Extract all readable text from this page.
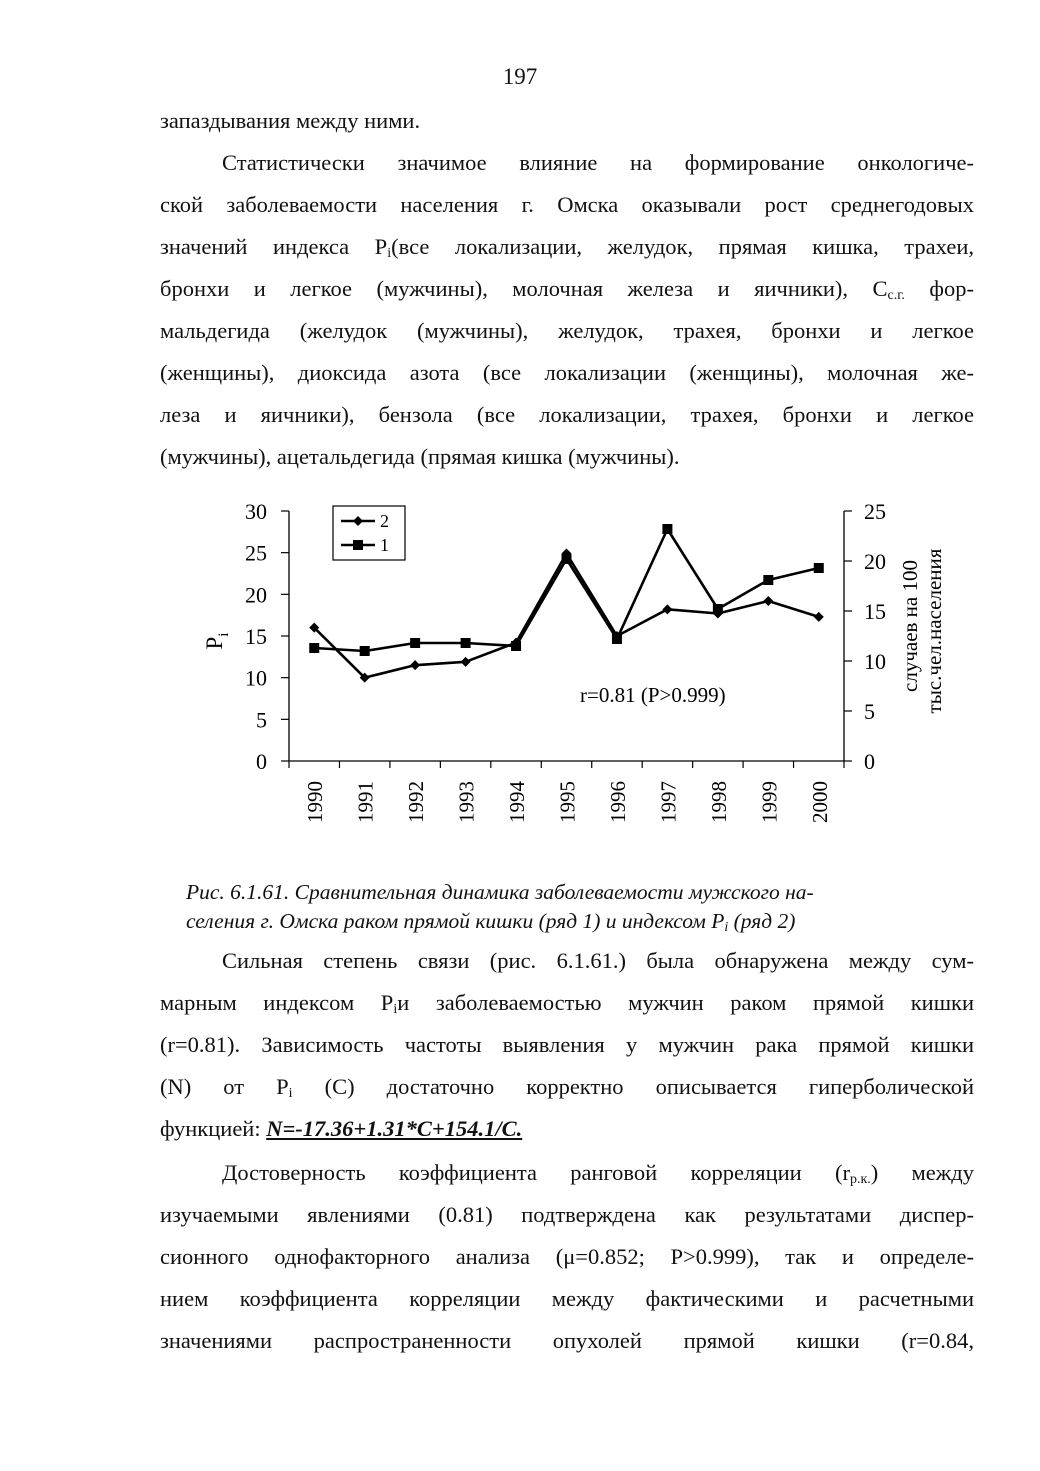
197

запаздывания между ними.

Статистически значимое влияние на формирование онкологиче-
ской заболеваемости населения г. Омска оказывали рост среднегодовых
значений индекса $P_i(все$ локализации, желудок, прямая кишка, трахеи,
бронхи и легкое (мужчины), молочная железа и яичники), $C_{с.г.}$ фор-
мальдегида (желудок (мужчины), желудок, трахея, бронхи и легкое
(женщины), диоксида азота (все локализации (женщины), молочная же-
леза и яичники), бензола (все локализации, трахея, бронхи и легкое
(мужчины), ацетальдегида (прямая кишка (мужчины).

0
5
10
15
20
25
30
0
5
10
15
20
25
1990 1991 1992 1993 1994 1995 1996 1997 1998 1999 2000
2
1
r=0.81 (P>0.999)
$P_i$	случаев на 100 тыс.чел.населения

Рис. 6.1.61. Сравнительная динамика заболеваемости мужского на-
селения г. Омска раком прямой кишки (ряд 1) и индексом $P_i$ (ряд 2)

Сильная степень связи (рис. 6.1.61.) была обнаружена между сум-
марным индексом $P_iи$ заболеваемостью мужчин раком прямой кишки
(r=0.81). Зависимость частоты выявления у мужчин рака прямой кишки
(N) от $P_i$ (С) достаточно корректно описывается гиперболической
функцией: N=-17.36+1.31*C+154.1/C.

Достоверность коэффициента ранговой корреляции $(r_{р.к.})$ между
изучаемыми явлениями (0.81) подтверждена как результатами диспер-
сионного однофакторного анализа (μ=0.852; P>0.999), так и определе-
нием коэффициента корреляции между фактическими и расчетными
значениями распространенности опухолей прямой кишки (r=0.84,
